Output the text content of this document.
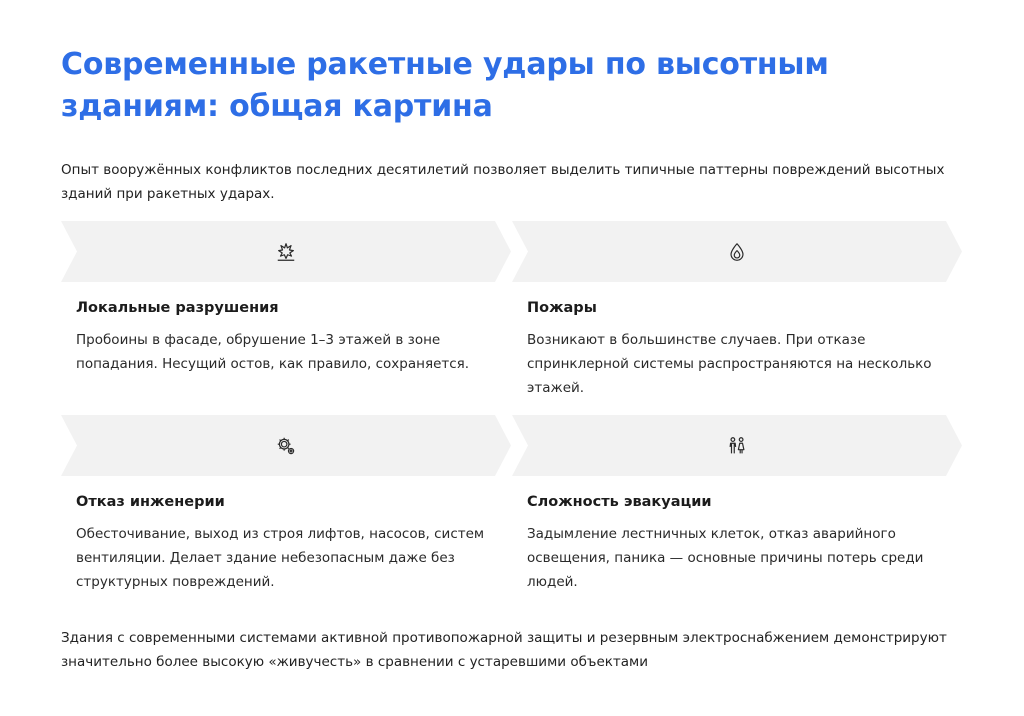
Современные ракетные удары по высотным зданиям: общая картина

Опыт вооружённых конфликтов последних десятилетий позволяет выделить типичные паттерны повреждений высотных зданий при ракетных ударах.

Локальные разрушения

Пробоины в фасаде, обрушение 1–3 этажей в зоне попадания. Несущий остов, как правило, сохраняется.

Пожары

Возникают в большинстве случаев. При отказе спринклерной системы распространяются на несколько этажей.

Отказ инженерии

Обесточивание, выход из строя лифтов, насосов, систем вентиляции. Делает здание небезопасным даже без структурных повреждений.

Сложность эвакуации

Задымление лестничных клеток, отказ аварийного освещения, паника — основные причины потерь среди людей.

Здания с современными системами активной противопожарной защиты и резервным электроснабжением демонстрируют значительно более высокую «живучесть» в сравнении с устаревшими объектами
